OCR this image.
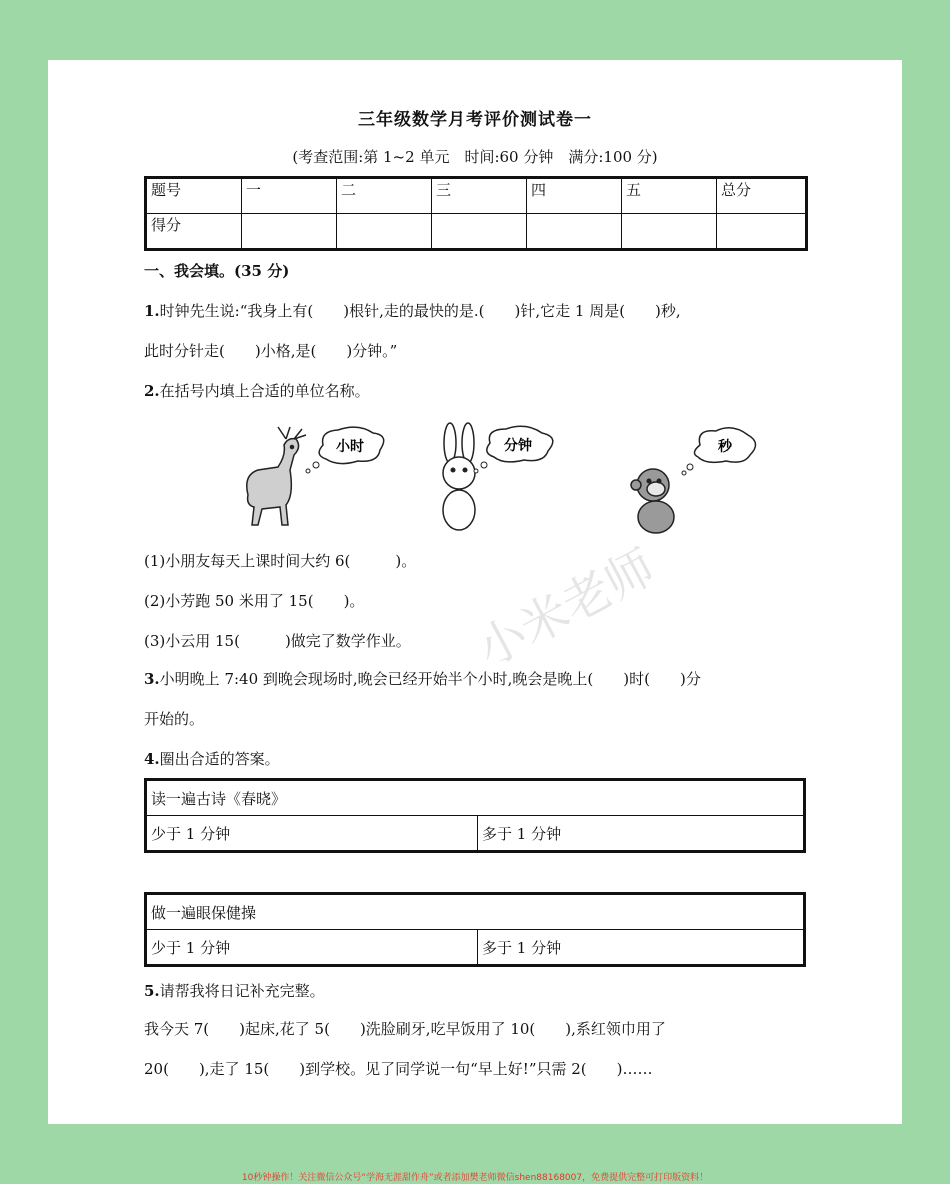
三年级数学月考评价测试卷一
(考查范围:第 1~2 单元　时间:60 分钟　满分:100 分)
题号	一	二	三	四	五	总分
得分						
一、我会填。(35 分)
1.时钟先生说:“我身上有(　　)根针,走的最快的是.(　　)针,它走 1 周是(　　)秒,
此时分针走(　　)小格,是(　　)分钟。”
2.在括号内填上合适的单位名称。
小时	分钟	秒
(1)小朋友每天上课时间大约 6(　　　)。
(2)小芳跑 50 米用了 15(　　)。
(3)小云用 15(　　　)做完了数学作业。
3.小明晚上 7:40 到晚会现场时,晚会已经开始半个小时,晚会是晚上(　　)时(　　)分
开始的。
4.圈出合适的答案。
读一遍古诗《春晓》
少于 1 分钟	多于 1 分钟
做一遍眼保健操
少于 1 分钟	多于 1 分钟
5.请帮我将日记补充完整。
我今天 7(　　)起床,花了 5(　　)洗脸刷牙,吃早饭用了 10(　　),系红领巾用了
20(　　),走了 15(　　)到学校。见了同学说一句“早上好!”只需 2(　　)……
小米老师
10秒钟操作！关注微信公众号“学海无涯甜作舟”或者添加樊老师微信shen88168007，免费提供完整可打印版资料！
